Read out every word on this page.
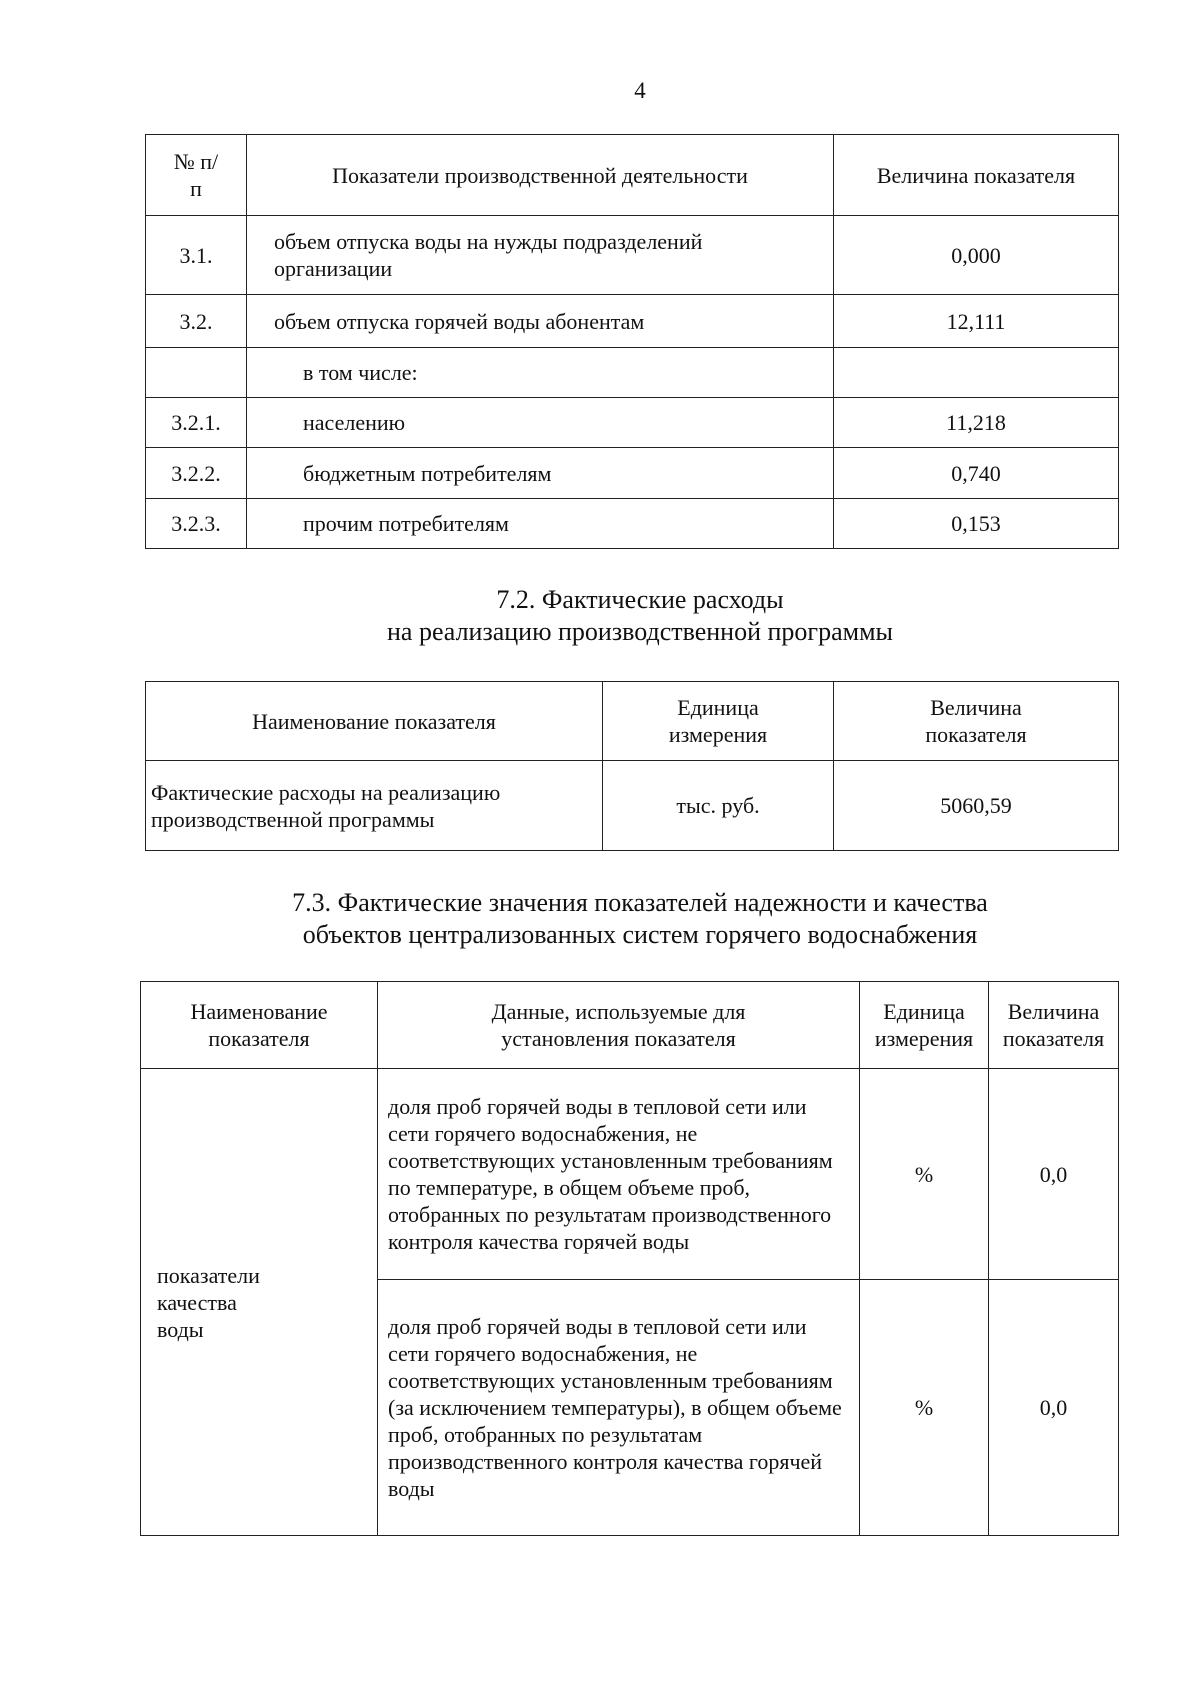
4
№ п/п	Показатели производственной деятельности	Величина показателя
3.1.	объем отпуска воды на нужды подразделений организации	0,000
3.2.	объем отпуска горячей воды абонентам	12,111
	в том числе:	
3.2.1.	населению	11,218
3.2.2.	бюджетным потребителям	0,740
3.2.3.	прочим потребителям	0,153
7.2. Фактические расходы
на реализацию производственной программы
Наименование показателя	Единица измерения	Величина показателя
Фактические расходы на реализацию производственной программы	тыс. руб.	5060,59
7.3. Фактические значения показателей надежности и качества
объектов централизованных систем горячего водоснабжения
Наименование показателя	Данные, используемые для установления показателя	Единица измерения	Величина показателя
показатели качества воды	доля проб горячей воды в тепловой сети или сети горячего водоснабжения, не соответствующих установленным требованиям по температуре, в общем объеме проб, отобранных по результатам производственного контроля качества горячей воды	%	0,0
	доля проб горячей воды в тепловой сети или сети горячего водоснабжения, не соответствующих установленным требованиям (за исключением температуры), в общем объеме проб, отобранных по результатам производственного контроля качества горячей воды	%	0,0
